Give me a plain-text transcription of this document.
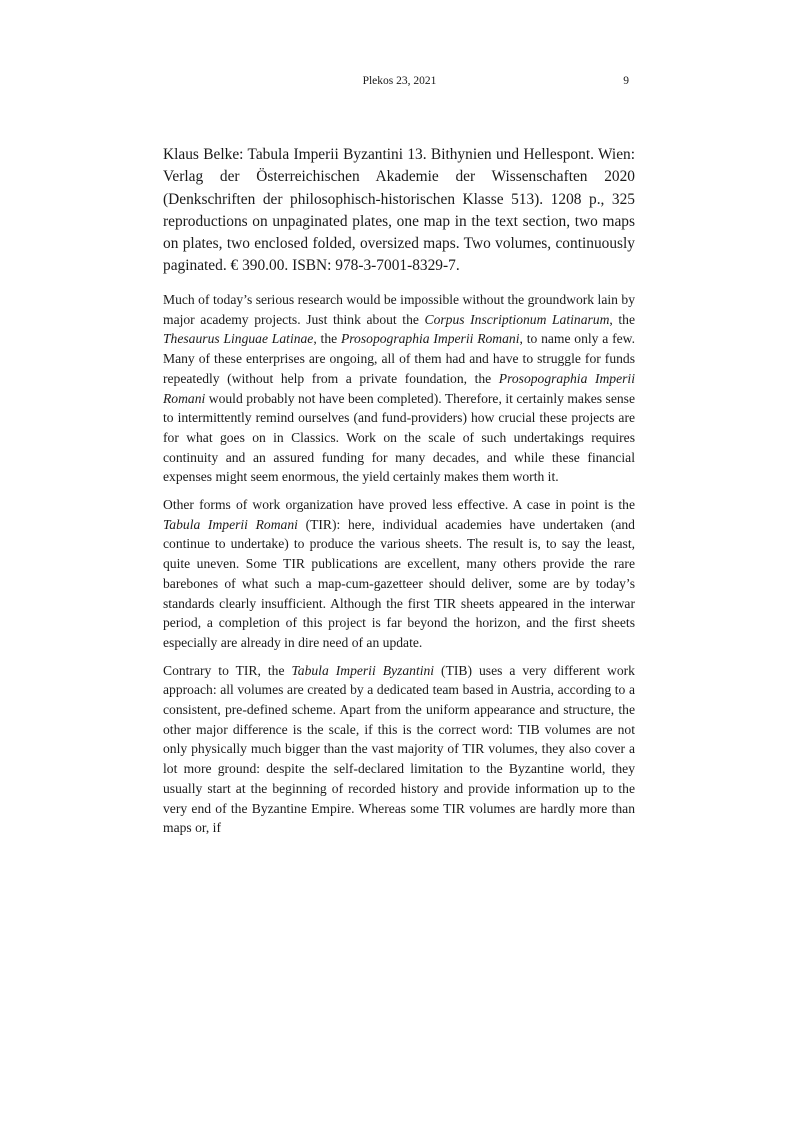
Plekos 23, 2021	9

Klaus Belke: Tabula Imperii Byzantini 13. Bithynien und Hellespont. Wien: Verlag der Österreichischen Akademie der Wissenschaften 2020 (Denkschriften der philosophisch-historischen Klasse 513). 1208 p., 325 reproductions on unpaginated plates, one map in the text section, two maps on plates, two enclosed folded, oversized maps. Two volumes, continuously paginated. € 390.00. ISBN: 978-3-7001-8329-7.

Much of today’s serious research would be impossible without the groundwork lain by major academy projects. Just think about the Corpus Inscriptionum Latinarum, the Thesaurus Linguae Latinae, the Prosopographia Imperii Romani, to name only a few. Many of these enterprises are ongoing, all of them had and have to struggle for funds repeatedly (without help from a private foundation, the Prosopographia Imperii Romani would probably not have been completed). Therefore, it certainly makes sense to intermittently remind ourselves (and fund-providers) how crucial these projects are for what goes on in Classics. Work on the scale of such undertakings requires continuity and an assured funding for many decades, and while these financial expenses might seem enormous, the yield certainly makes them worth it.

Other forms of work organization have proved less effective. A case in point is the Tabula Imperii Romani (TIR): here, individual academies have undertaken (and continue to undertake) to produce the various sheets. The result is, to say the least, quite uneven. Some TIR publications are excellent, many others provide the rare barebones of what such a map-cum-gazetteer should deliver, some are by today’s standards clearly insufficient. Although the first TIR sheets appeared in the interwar period, a completion of this project is far beyond the horizon, and the first sheets especially are already in dire need of an update.

Contrary to TIR, the Tabula Imperii Byzantini (TIB) uses a very different work approach: all volumes are created by a dedicated team based in Austria, according to a consistent, pre-defined scheme. Apart from the uniform appearance and structure, the other major difference is the scale, if this is the correct word: TIB volumes are not only physically much bigger than the vast majority of TIR volumes, they also cover a lot more ground: despite the self-declared limitation to the Byzantine world, they usually start at the beginning of recorded history and provide information up to the very end of the Byzantine Empire. Whereas some TIR volumes are hardly more than maps or, if
